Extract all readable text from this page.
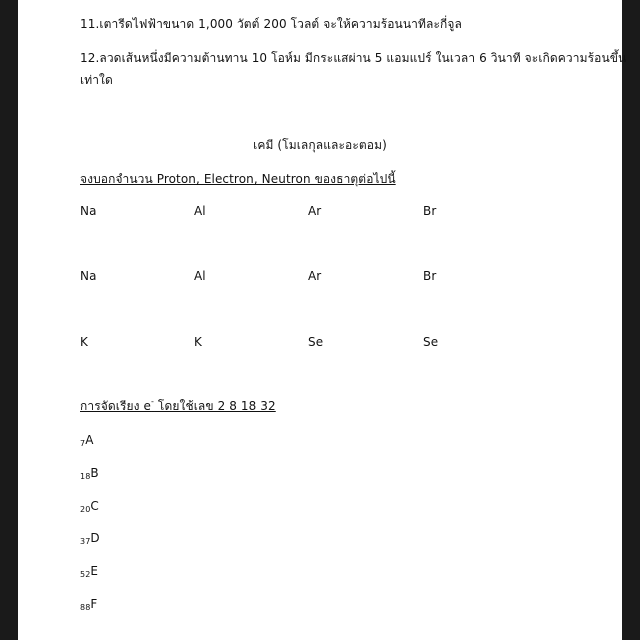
11.เตารีดไฟฟ้าขนาด 1,000 วัตต์ 200 โวลต์ จะให้ความร้อนนาทีละกี่จูล
12.ลวดเส้นหนึ่งมีความต้านทาน 10 โอห์ม มีกระแสผ่าน 5 แอมแปร์ ในเวลา 6 วินาที จะเกิดความร้อนขึ้น
เท่าใด
เคมี (โมเลกุลและอะตอม)
จงบอกจำนวน Proton, Electron, Neutron ของธาตุต่อไปนี้
Na	Al	Ar	Br
Na	Al	Ar	Br
K	K	Se	Se
การจัดเรียง e- โดยใช้เลข 2 8 18 32
$_7$A
$_{18}$B
$_{20}$C
$_{37}$D
$_{52}$E
$_{88}$F
